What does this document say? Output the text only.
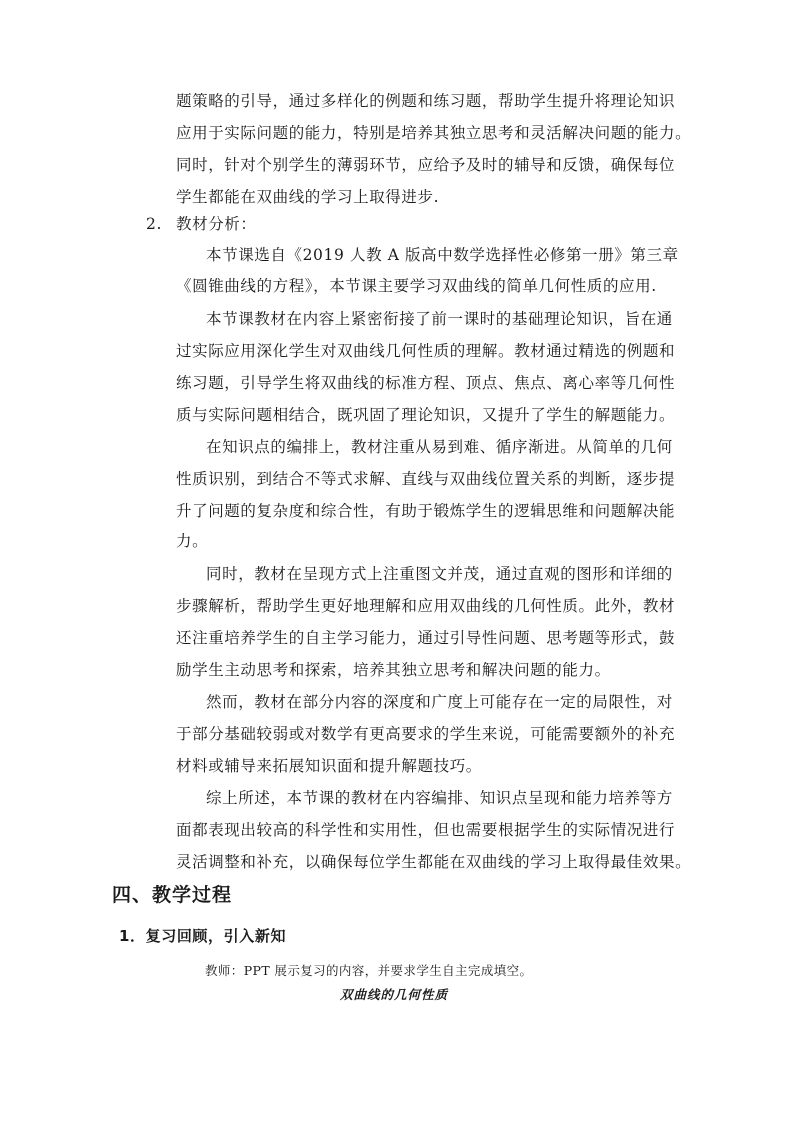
题策略的引导，通过多样化的例题和练习题，帮助学生提升将理论知识
应用于实际问题的能力，特别是培养其独立思考和灵活解决问题的能力。
同时，针对个别学生的薄弱环节，应给予及时的辅导和反馈，确保每位
学生都能在双曲线的学习上取得进步.
2. 教材分析：
本节课选自《2019 人教 A 版高中数学选择性必修第一册》第三章
《圆锥曲线的方程》，本节课主要学习双曲线的简单几何性质的应用.
本节课教材在内容上紧密衔接了前一课时的基础理论知识，旨在通
过实际应用深化学生对双曲线几何性质的理解。教材通过精选的例题和
练习题，引导学生将双曲线的标准方程、顶点、焦点、离心率等几何性
质与实际问题相结合，既巩固了理论知识，又提升了学生的解题能力。
在知识点的编排上，教材注重从易到难、循序渐进。从简单的几何
性质识别，到结合不等式求解、直线与双曲线位置关系的判断，逐步提
升了问题的复杂度和综合性，有助于锻炼学生的逻辑思维和问题解决能
力。
同时，教材在呈现方式上注重图文并茂，通过直观的图形和详细的
步骤解析，帮助学生更好地理解和应用双曲线的几何性质。此外，教材
还注重培养学生的自主学习能力，通过引导性问题、思考题等形式，鼓
励学生主动思考和探索，培养其独立思考和解决问题的能力。
然而，教材在部分内容的深度和广度上可能存在一定的局限性，对
于部分基础较弱或对数学有更高要求的学生来说，可能需要额外的补充
材料或辅导来拓展知识面和提升解题技巧。
综上所述，本节课的教材在内容编排、知识点呈现和能力培养等方
面都表现出较高的科学性和实用性，但也需要根据学生的实际情况进行
灵活调整和补充，以确保每位学生都能在双曲线的学习上取得最佳效果。
四、教学过程
1．复习回顾，引入新知
教师：PPT 展示复习的内容，并要求学生自主完成填空。
双曲线的几何性质
